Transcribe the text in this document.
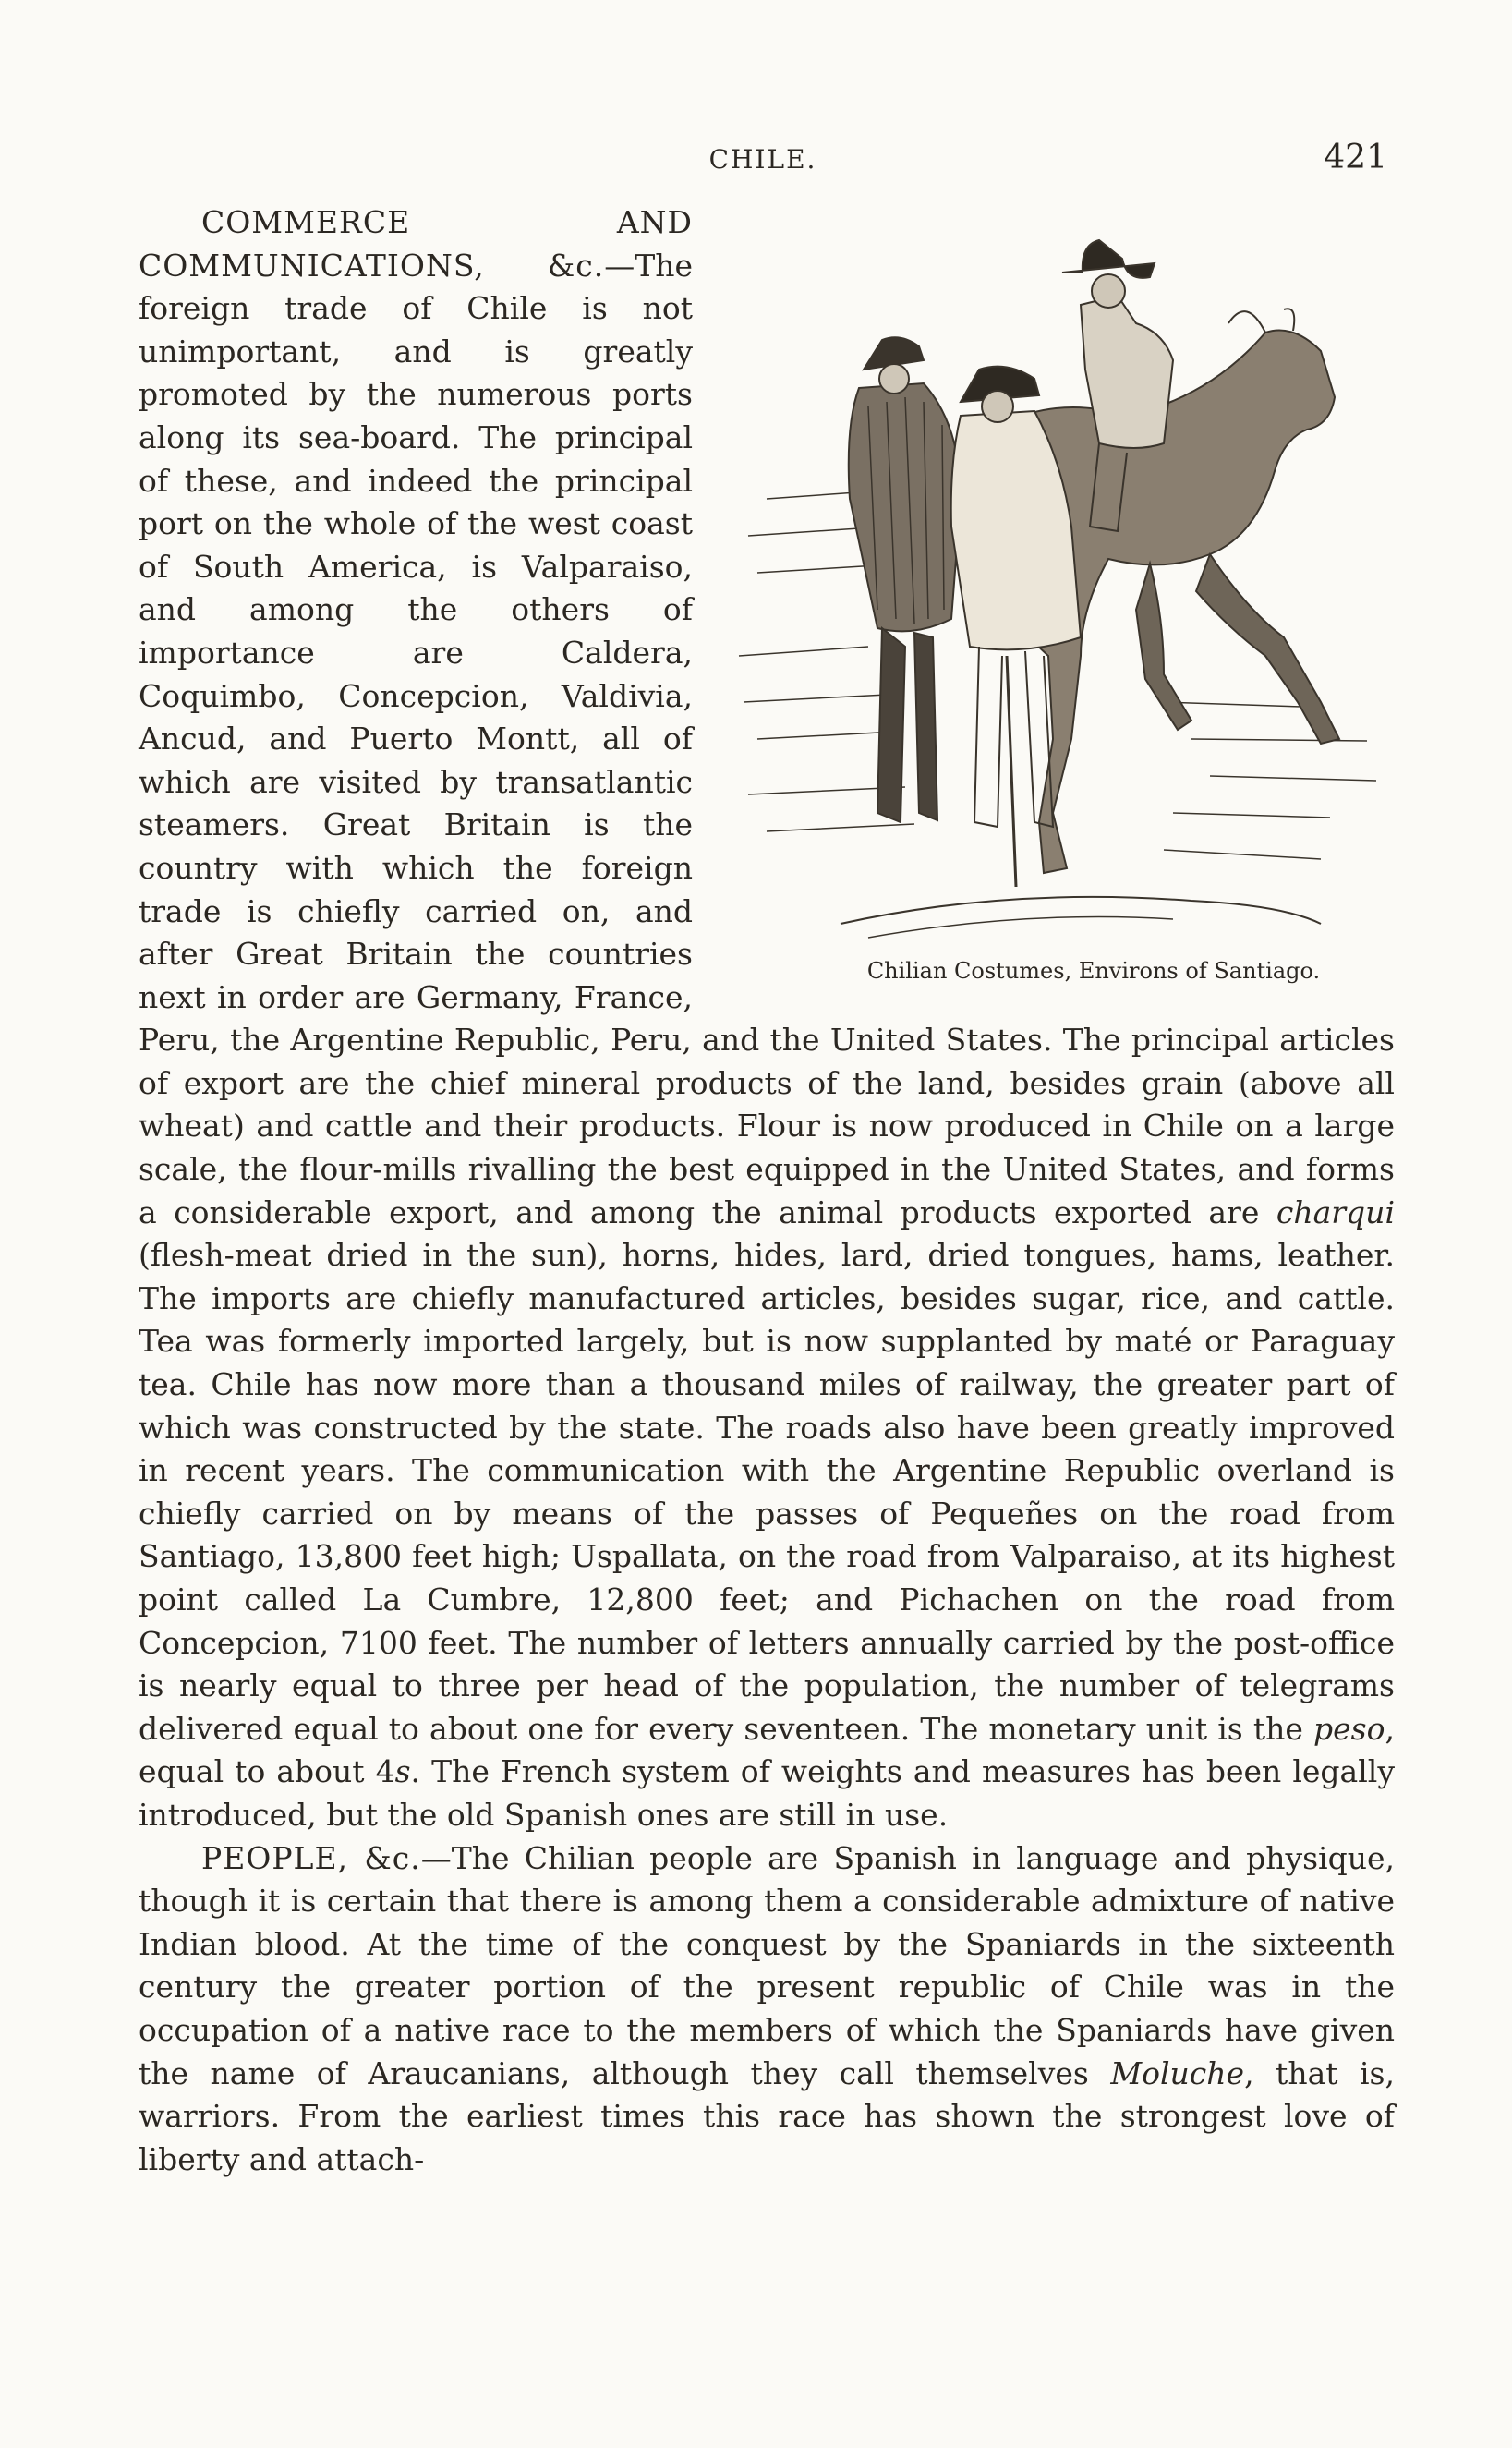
CHILE.	421

Chilian Costumes, Environs of Santiago.
COMMERCE AND COMMUNICATIONS, &c.—The foreign trade of Chile is not unimportant, and is greatly promoted by the numerous ports along its sea-board. The principal of these, and indeed the principal port on the whole of the west coast of South America, is Valparaiso, and among the others of importance are Caldera, Coquimbo, Concepcion, Valdivia, Ancud, and Puerto Montt, all of which are visited by transatlantic steamers. Great Britain is the country with which the foreign trade is chiefly carried on, and after Great Britain the countries next in order are Germany, France, Peru, the Argentine Republic, Peru, and the United States. The principal articles of export are the chief mineral products of the land, besides grain (above all wheat) and cattle and their products. Flour is now produced in Chile on a large scale, the flour-mills rivalling the best equipped in the United States, and forms a considerable export, and among the animal products exported are charqui (flesh-meat dried in the sun), horns, hides, lard, dried tongues, hams, leather. The imports are chiefly manufactured articles, besides sugar, rice, and cattle. Tea was formerly imported largely, but is now supplanted by maté or Paraguay tea. Chile has now more than a thousand miles of railway, the greater part of which was constructed by the state. The roads also have been greatly improved in recent years. The communication with the Argentine Republic overland is chiefly carried on by means of the passes of Pequeñes on the road from Santiago, 13,800 feet high; Uspallata, on the road from Valparaiso, at its highest point called La Cumbre, 12,800 feet; and Pichachen on the road from Concepcion, 7100 feet. The number of letters annually carried by the post-office is nearly equal to three per head of the population, the number of telegrams delivered equal to about one for every seventeen. The monetary unit is the peso, equal to about 4s. The French system of weights and measures has been legally introduced, but the old Spanish ones are still in use.

PEOPLE, &c.—The Chilian people are Spanish in language and physique, though it is certain that there is among them a considerable admixture of native Indian blood. At the time of the conquest by the Spaniards in the sixteenth century the greater portion of the present republic of Chile was in the occupation of a native race to the members of which the Spaniards have given the name of Araucanians, although they call themselves Moluche, that is, warriors. From the earliest times this race has shown the strongest love of liberty and attach-
